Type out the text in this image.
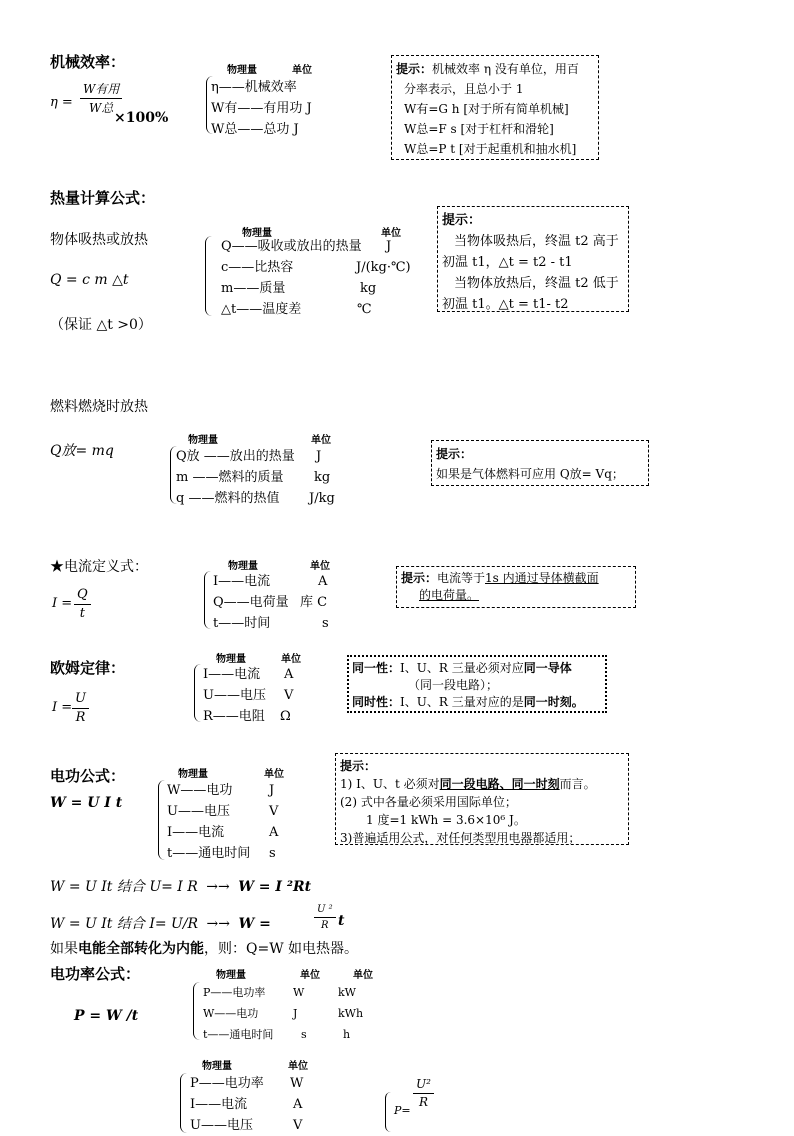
机械效率：
η =
W有用
W总
×100%
物理量	单位
η——机械效率
W有——有用功 J
W总——总功 J
提示：机械效率 η 没有单位，用百
分率表示，且总小于 1
W有=G h [对于所有简单机械]
W总=F s [对于杠杆和滑轮]
W总=P t [对于起重机和抽水机]
热量计算公式：
物体吸热或放热
Q = c m △t
（保证 △t >0）
物理量	单位
Q——吸收或放出的热量 J
c——比热容	J/(kg·℃)
m——质量	kg
△t——温度差	℃
提示：
当物体吸热后，终温 t2 高于
初温 t1，△t = t2 - t1
当物体放热后，终温 t2 低于
初温 t1。△t = t1- t2
燃料燃烧时放热
Q放= mq
物理量	单位
Q放 ——放出的热量 J
m ——燃料的质量 kg
q ——燃料的热值 J/kg
提示：
如果是气体燃料可应用 Q放= Vq；
★电流定义式：
$I = \frac{Q}{t}$
物理量	单位
I——电流	A
Q——电荷量 库 C
t——时间	s
提示：电流等于1s 内通过导体横截面
的电荷量。
欧姆定律：
$I = \frac{U}{R}$
物理量	单位
I——电流 A
U——电压 V
R——电阻 Ω
同一性：I、U、R 三量必须对应同一导体
（同一段电路）；
同时性：I、U、R 三量对应的是同一时刻。
电功公式：
W = U I t
物理量	单位
W——电功	J
U——电压	V
I——电流	A
t——通电时间 s
提示：
1) I、U、t 必须对同一段电路、同一时刻而言。
(2) 式中各量必须采用国际单位；
1 度=1 kWh = 3.6×10⁶ J。
3)普遍适用公式，对任何类型用电器都适用；
W = U It 结合 U= I R →→ W = I ²Rt
W = U It 结合 I= U/R →→ W =	$\frac{\text{U ²}}{R}$ t
如果电能全部转化为内能，则：Q=W 如电热器。
电功率公式：
P = W /t
物理量	单位	单位
P——电功率	W	kW
W——电功	J	kWh
t——通电时间	s	h
物理量	单位
P——电功率 W
I——电流	A
U——电压	V
$P= \frac{\text{U²}}{R}$
